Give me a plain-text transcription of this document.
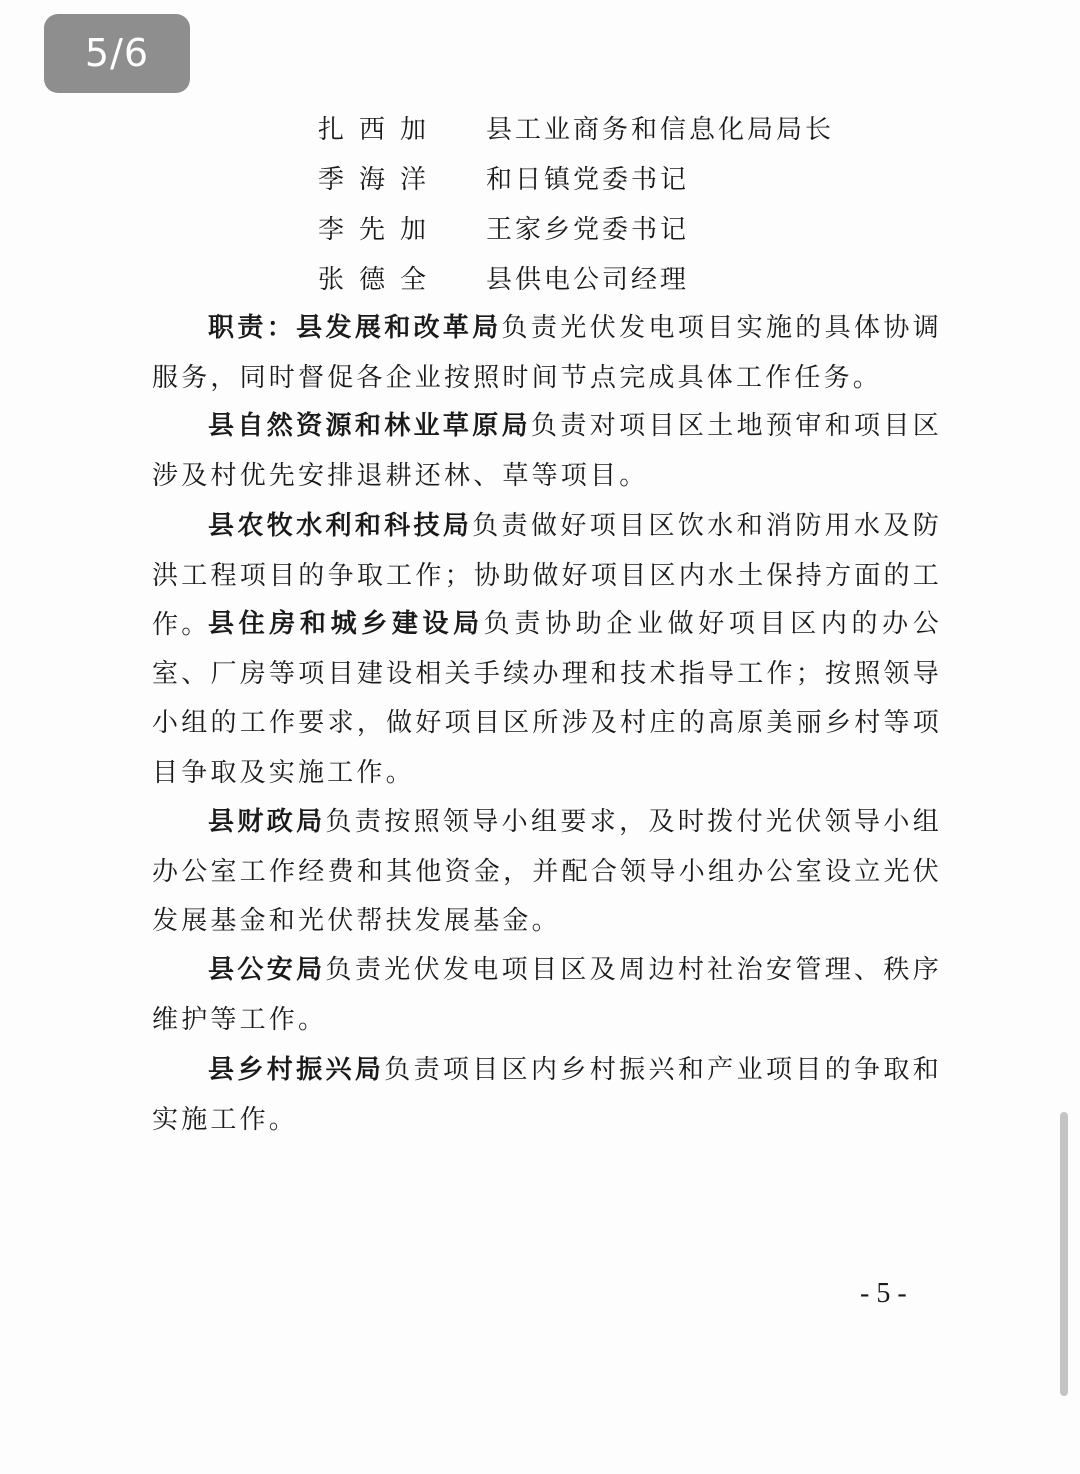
扎西加 县工业商务和信息化局局长
季海洋 和日镇党委书记
李先加 王家乡党委书记
张德全 县供电公司经理

职责：县发展和改革局负责光伏发电项目实施的具体协调服务，同时督促各企业按照时间节点完成具体工作任务。

县自然资源和林业草原局负责对项目区土地预审和项目区涉及村优先安排退耕还林、草等项目。

县农牧水利和科技局负责做好项目区饮水和消防用水及防洪工程项目的争取工作；协助做好项目区内水土保持方面的工作。

县住房和城乡建设局负责协助企业做好项目区内的办公室、厂房等项目建设相关手续办理和技术指导工作；按照领导小组的工作要求，做好项目区所涉及村庄的高原美丽乡村等项目争取及实施工作。

县财政局负责按照领导小组要求，及时拨付光伏领导小组办公室工作经费和其他资金，并配合领导小组办公室设立光伏发展基金和光伏帮扶发展基金。

县公安局负责光伏发电项目区及周边村社治安管理、秩序维护等工作。

县乡村振兴局负责项目区内乡村振兴和产业项目的争取和实施工作。

- 5 -
5/6
